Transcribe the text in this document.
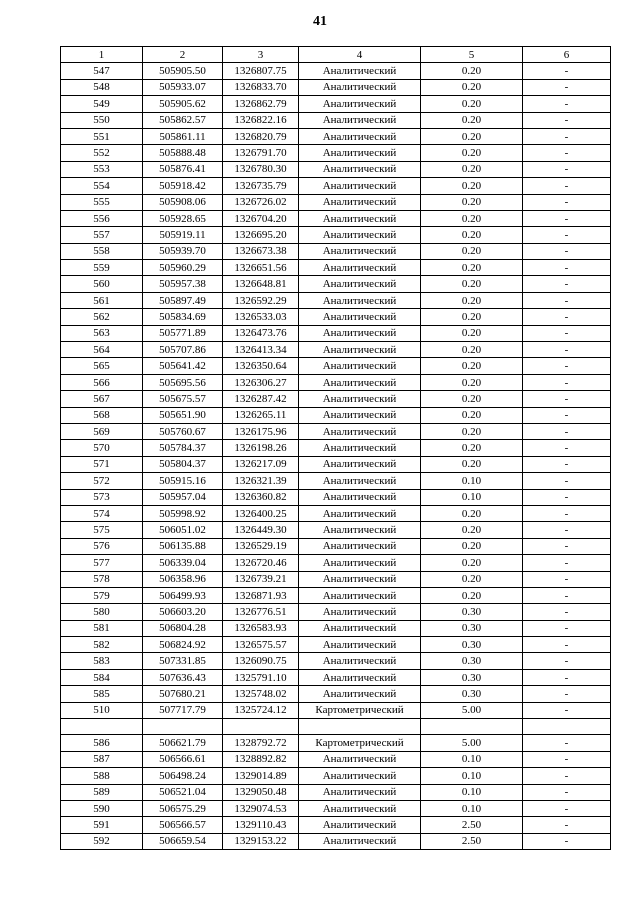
41
1	2	3	4	5	6
547	505905.50	1326807.75	Аналитический	0.20	-
548	505933.07	1326833.70	Аналитический	0.20	-
549	505905.62	1326862.79	Аналитический	0.20	-
550	505862.57	1326822.16	Аналитический	0.20	-
551	505861.11	1326820.79	Аналитический	0.20	-
552	505888.48	1326791.70	Аналитический	0.20	-
553	505876.41	1326780.30	Аналитический	0.20	-
554	505918.42	1326735.79	Аналитический	0.20	-
555	505908.06	1326726.02	Аналитический	0.20	-
556	505928.65	1326704.20	Аналитический	0.20	-
557	505919.11	1326695.20	Аналитический	0.20	-
558	505939.70	1326673.38	Аналитический	0.20	-
559	505960.29	1326651.56	Аналитический	0.20	-
560	505957.38	1326648.81	Аналитический	0.20	-
561	505897.49	1326592.29	Аналитический	0.20	-
562	505834.69	1326533.03	Аналитический	0.20	-
563	505771.89	1326473.76	Аналитический	0.20	-
564	505707.86	1326413.34	Аналитический	0.20	-
565	505641.42	1326350.64	Аналитический	0.20	-
566	505695.56	1326306.27	Аналитический	0.20	-
567	505675.57	1326287.42	Аналитический	0.20	-
568	505651.90	1326265.11	Аналитический	0.20	-
569	505760.67	1326175.96	Аналитический	0.20	-
570	505784.37	1326198.26	Аналитический	0.20	-
571	505804.37	1326217.09	Аналитический	0.20	-
572	505915.16	1326321.39	Аналитический	0.10	-
573	505957.04	1326360.82	Аналитический	0.10	-
574	505998.92	1326400.25	Аналитический	0.20	-
575	506051.02	1326449.30	Аналитический	0.20	-
576	506135.88	1326529.19	Аналитический	0.20	-
577	506339.04	1326720.46	Аналитический	0.20	-
578	506358.96	1326739.21	Аналитический	0.20	-
579	506499.93	1326871.93	Аналитический	0.20	-
580	506603.20	1326776.51	Аналитический	0.30	-
581	506804.28	1326583.93	Аналитический	0.30	-
582	506824.92	1326575.57	Аналитический	0.30	-
583	507331.85	1326090.75	Аналитический	0.30	-
584	507636.43	1325791.10	Аналитический	0.30	-
585	507680.21	1325748.02	Аналитический	0.30	-
510	507717.79	1325724.12	Картометрический	5.00	-

586	506621.79	1328792.72	Картометрический	5.00	-
587	506566.61	1328892.82	Аналитический	0.10	-
588	506498.24	1329014.89	Аналитический	0.10	-
589	506521.04	1329050.48	Аналитический	0.10	-
590	506575.29	1329074.53	Аналитический	0.10	-
591	506566.57	1329110.43	Аналитический	2.50	-
592	506659.54	1329153.22	Аналитический	2.50	-
